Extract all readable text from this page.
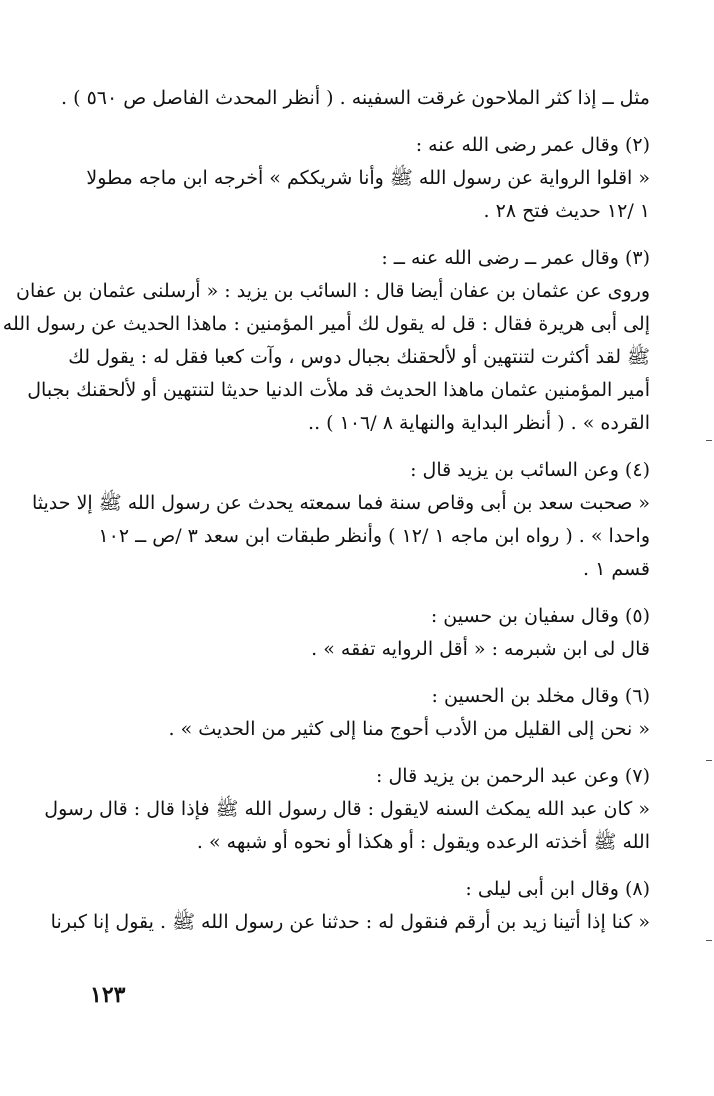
مثل ــ إذا كثر الملاحون غرقت السفينه . ( أنظر المحدث الفاصل ص ٥٦٠ ) .
(٢) وقال عمر رضى الله عنه :
« اقلوا الرواية عن رسول الله ﷺ وأنا شريككم » أخرجه ابن ماجه مطولا
١ /١٢ حديث فتح ٢٨ .
(٣) وقال عمر ــ رضى الله عنه ــ :
وروى عن عثمان بن عفان أيضا قال : السائب بن يزيد : « أرسلنى عثمان بن عفان
إلى أبى هريرة فقال : قل له يقول لك أمير المؤمنين : ماهذا الحديث عن رسول الله
ﷺ لقد أكثرت لتنتهين أو لألحقنك بجبال دوس ، وآت كعبا فقل له : يقول لك
أمير المؤمنين عثمان ماهذا الحديث قد ملأت الدنيا حديثا لتنتهين أو لألحقنك بجبال
القرده » . ( أنظر البداية والنهاية ٨ /١٠٦ ) ..
(٤) وعن السائب بن يزيد قال :
« صحبت سعد بن أبى وقاص سنة فما سمعته يحدث عن رسول الله ﷺ إلا حديثا
واحدا » . ( رواه ابن ماجه ١ /١٢ ) وأنظر طبقات ابن سعد ٣ /ص ــ ١٠٢
قسم ١ .
(٥) وقال سفيان بن حسين :
قال لى ابن شبرمه : « أقل الروايه تفقه » .
(٦) وقال مخلد بن الحسين :
« نحن إلى القليل من الأدب أحوج منا إلى كثير من الحديث » .
(٧) وعن عبد الرحمن بن يزيد قال :
« كان عبد الله يمكث السنه لايقول : قال رسول الله ﷺ فإذا قال : قال رسول
الله ﷺ أخذته الرعده ويقول : أو هكذا أو نحوه أو شبهه » .
(٨) وقال ابن أبى ليلى :
« كنا إذا أتينا زيد بن أرقم فنقول له : حدثنا عن رسول الله ﷺ . يقول إنا كبرنا
١٢٣
